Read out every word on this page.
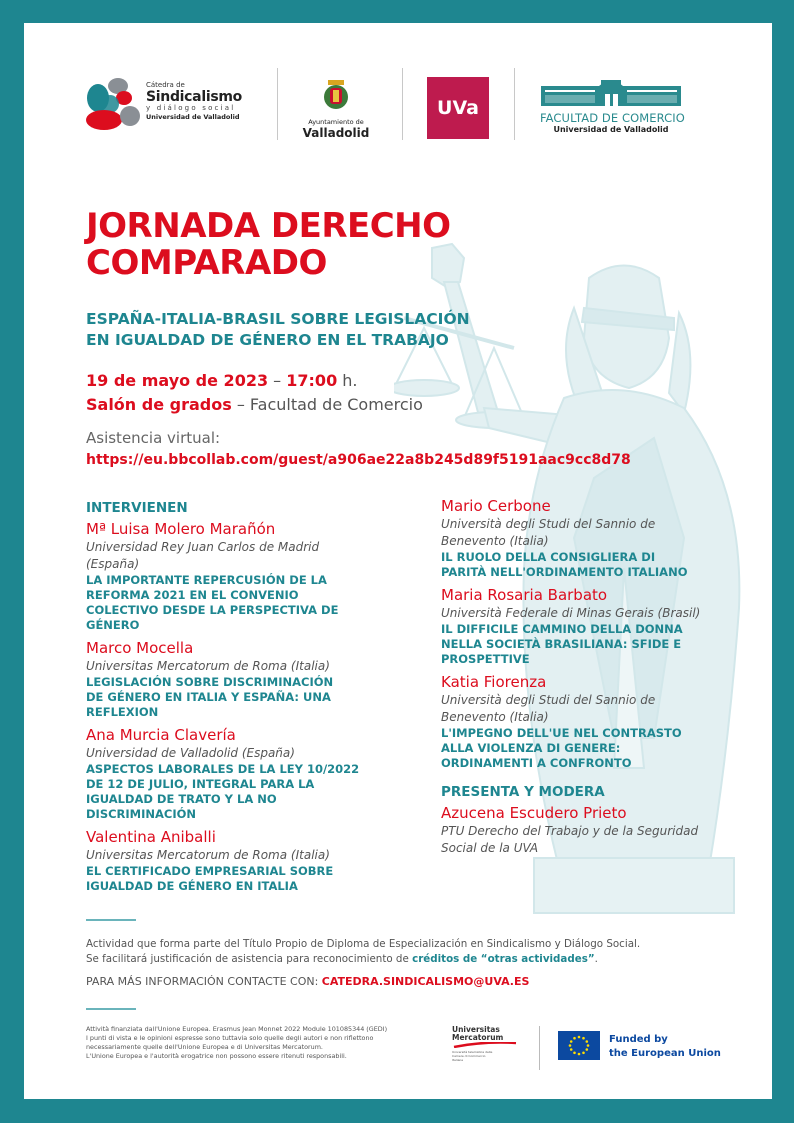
Cátedra de
Sindicalismo
y diálogo social
Universidad de Valladolid
Ayuntamiento de
Valladolid
UVa	FACULTAD DE COMERCIO
Universidad de Valladolid
JORNADA DERECHO
COMPARADO
ESPAÑA-ITALIA-BRASIL SOBRE LEGISLACIÓN
EN IGUALDAD DE GÉNERO EN EL TRABAJO
19 de mayo de 2023 – 17:00 h.
Salón de grados – Facultad de Comercio
Asistencia virtual:
https://eu.bbcollab.com/guest/a906ae22a8b245d89f5191aac9cc8d78
INTERVIENEN
Mª Luisa Molero Marañón
Universidad Rey Juan Carlos de Madrid (España)
LA IMPORTANTE REPERCUSIÓN DE LA REFORMA 2021 EN EL CONVENIO COLECTIVO DESDE LA PERSPECTIVA DE GÉNERO
Marco Mocella
Universitas Mercatorum de Roma (Italia)
LEGISLACIÓN SOBRE DISCRIMINACIÓN DE GÉNERO EN ITALIA Y ESPAÑA: UNA REFLEXION
Ana Murcia Clavería
Universidad de Valladolid (España)
ASPECTOS LABORALES DE LA LEY 10/2022 DE 12 DE JULIO, INTEGRAL PARA LA IGUALDAD DE TRATO Y LA NO DISCRIMINACIÓN
Valentina Aniballi
Universitas Mercatorum de Roma (Italia)
EL CERTIFICADO EMPRESARIAL SOBRE IGUALDAD DE GÉNERO EN ITALIA
Mario Cerbone
Università degli Studi del Sannio de Benevento (Italia)
IL RUOLO DELLA CONSIGLIERA DI PARITÀ NELL'ORDINAMENTO ITALIANO
Maria Rosaria Barbato
Università Federale di Minas Gerais (Brasil)
IL DIFFICILE CAMMINO DELLA DONNA NELLA SOCIETÀ BRASILIANA: SFIDE E PROSPETTIVE
Katia Fiorenza
Università degli Studi del Sannio de Benevento (Italia)
L'IMPEGNO DELL'UE NEL CONTRASTO ALLA VIOLENZA DI GENERE: ORDINAMENTI A CONFRONTO
PRESENTA Y MODERA
Azucena Escudero Prieto
PTU Derecho del Trabajo y de la Seguridad Social de la UVA
Actividad que forma parte del Título Propio de Diploma de Especialización en Sindicalismo y Diálogo Social.
Se facilitará justificación de asistencia para reconocimiento de créditos de “otras actividades”.
PARA MÁS INFORMACIÓN CONTACTE CON: CATEDRA.SINDICALISMO@UVA.ES
Attività finanziata dall'Unione Europea. Erasmus Jean Monnet 2022 Module 101085344 (GEDI)
I punti di vista e le opinioni espresse sono tuttavia solo quelle degli autori e non riflettono
necessariamente quelle dell'Unione Europea e di Universitas Mercatorum.
L'Unione Europea e l'autorità erogatrice non possono essere ritenuti responsabili.
Universitas
Mercatorum
Università telematica delle Camere di Commercio Italiane
Funded by
the European Union
